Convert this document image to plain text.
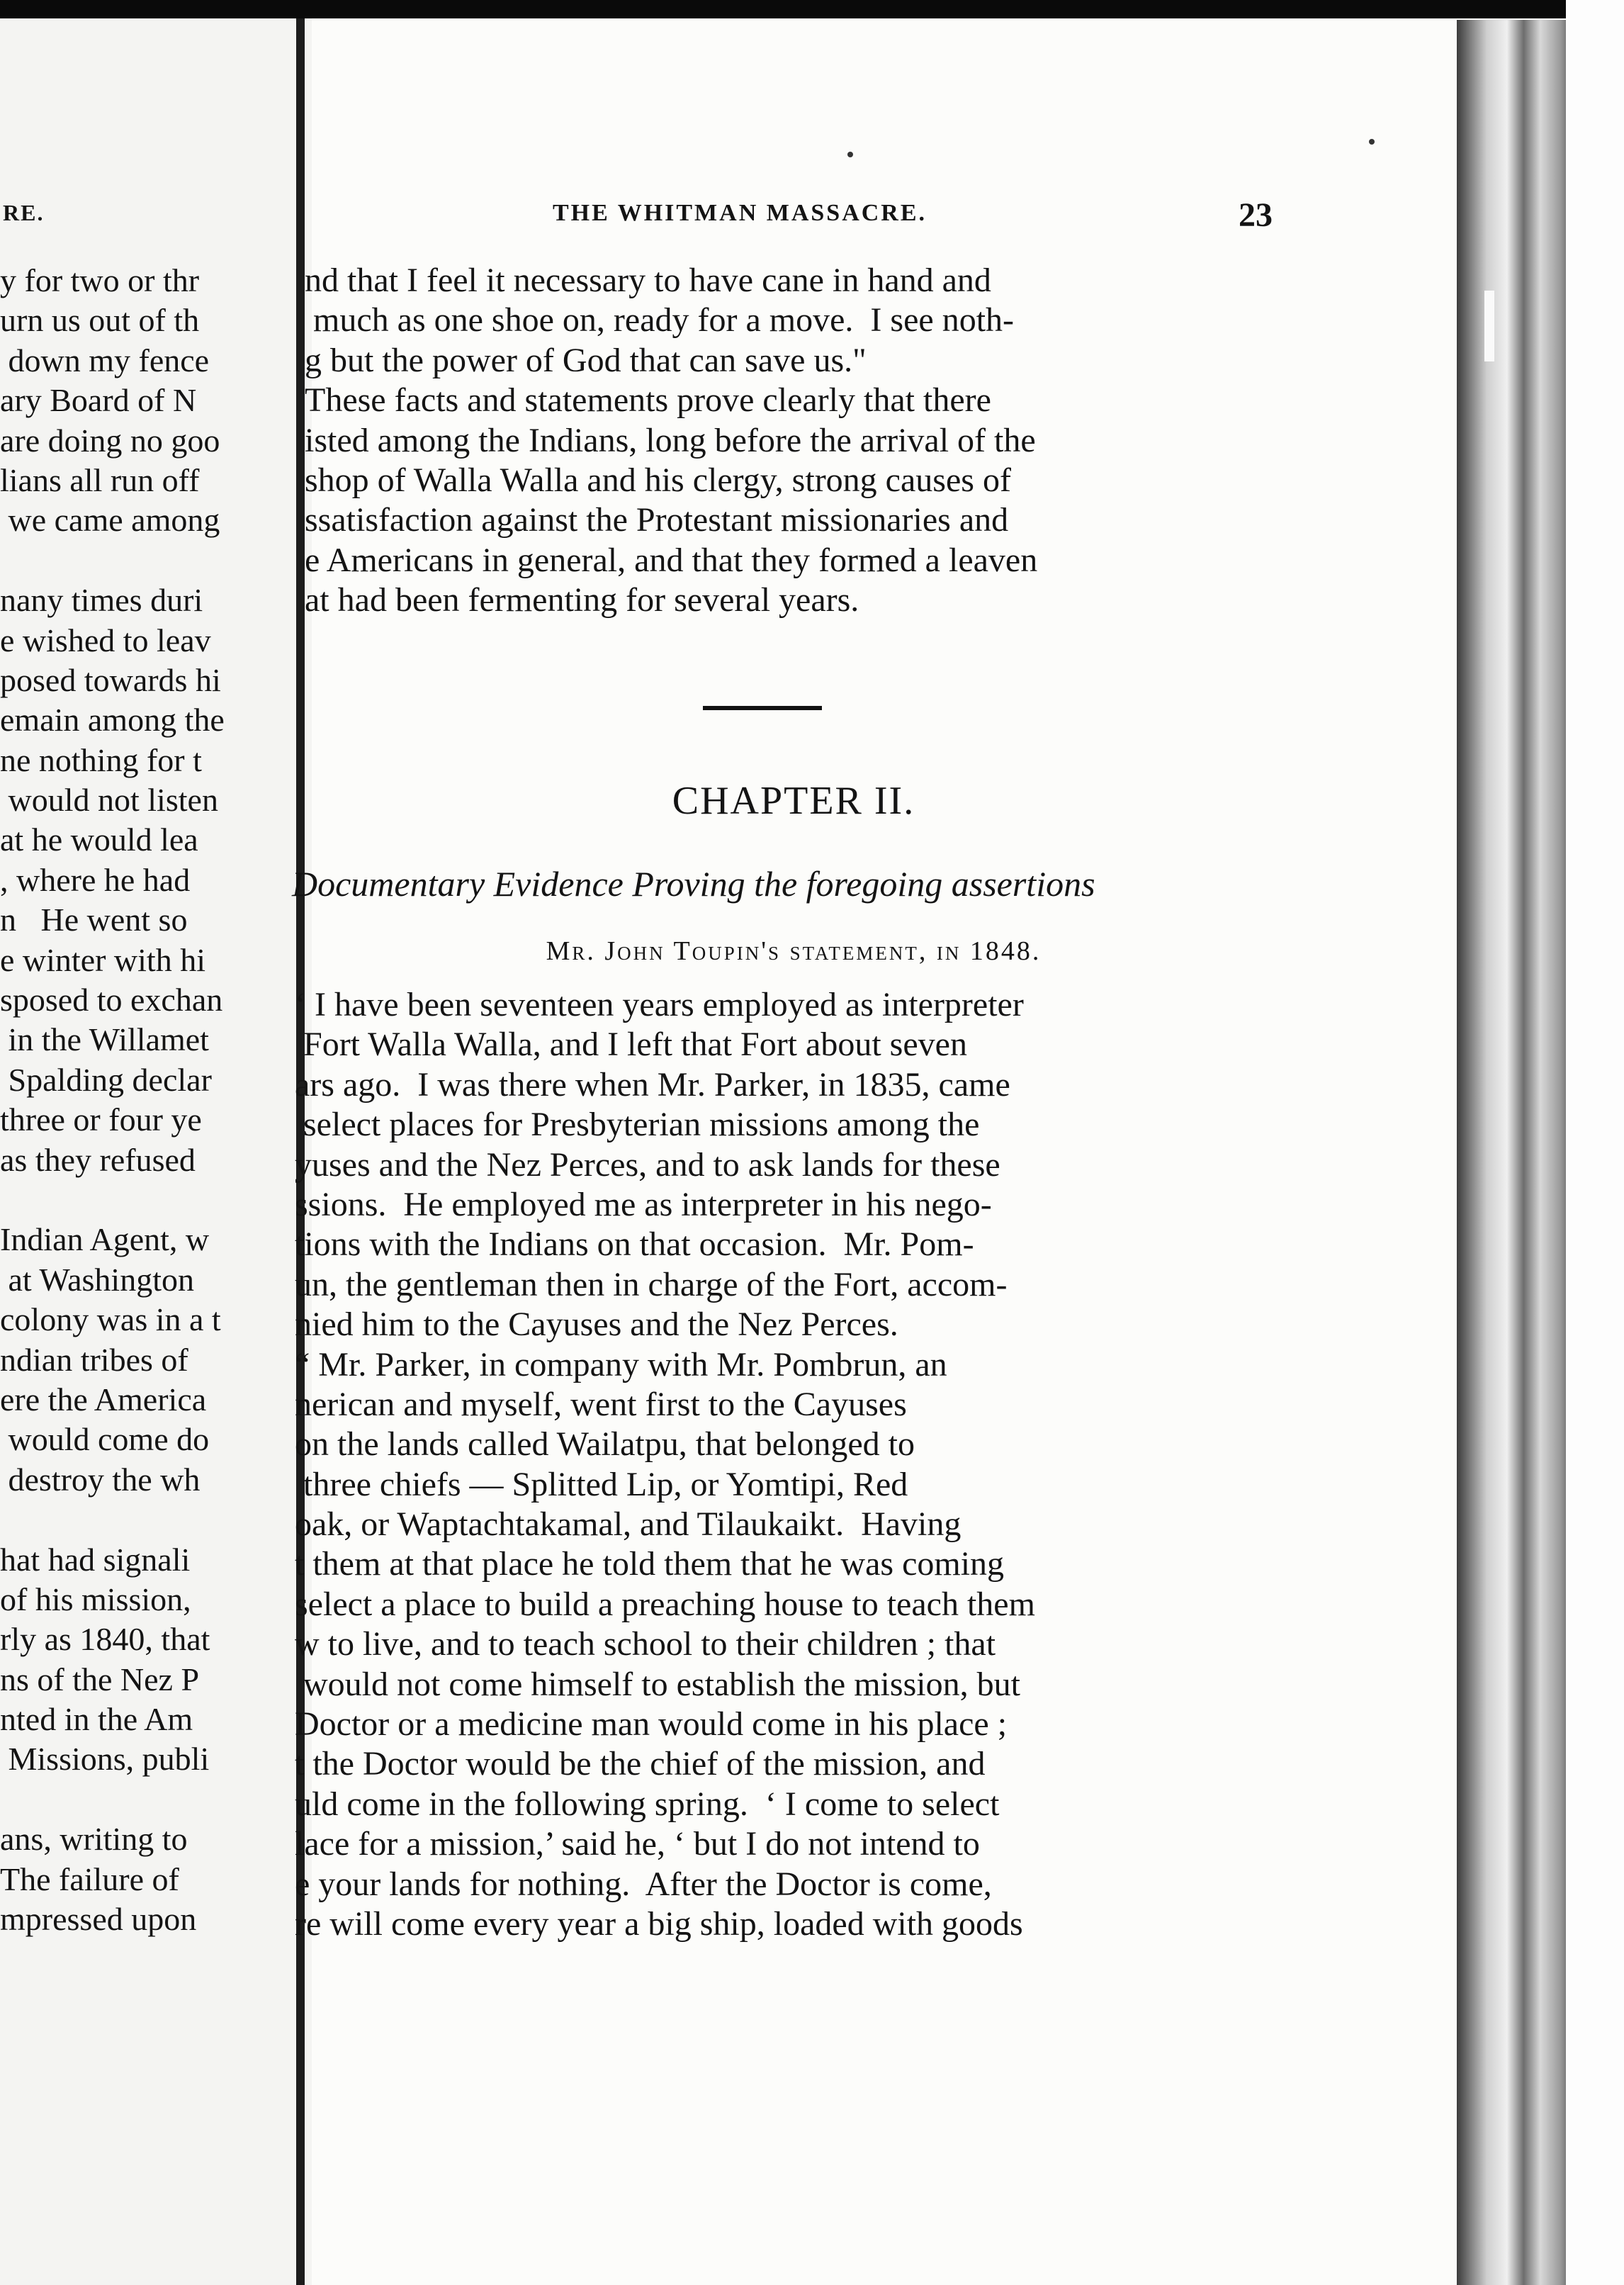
RE.
y for two or thr
urn us out of th
down my fence
ary Board of N
are doing no goo
lians all run off
we came among
nany times duri
e wished to leav
posed towards hi
emain among the
ne nothing for t
would not listen
at he would lea
, where he had
n   He went so
e winter with hi
sposed to exchan
in the Willamet
Spalding declar
three or four ye
as they refused
Indian Agent, w
at Washington
colony was in a t
ndian tribes of
ere the America
would come do
destroy the wh
hat had signali
of his mission,
rly as 1840, that
ns of the Nez P
nted in the Am
Missions, publi
ans, writing to
The failure of
mpressed upon
THE WHITMAN MASSACRE.	23
nd that I feel it necessary to have cane in hand and
much as one shoe on, ready for a move.  I see noth-
g but the power of God that can save us."
These facts and statements prove clearly that there
isted among the Indians, long before the arrival of the
shop of Walla Walla and his clergy, strong causes of
ssatisfaction against the Protestant missionaries and
e Americans in general, and that they formed a leaven
at had been fermenting for several years.
CHAPTER II.
Documentary Evidence Proving the foregoing assertions
Mr. John Toupin's statement, in 1848.
‘ I have been seventeen years employed as interpreter
Fort Walla Walla, and I left that Fort about seven
ars ago.  I was there when Mr. Parker, in 1835, came
select places for Presbyterian missions among the
yuses and the Nez Perces, and to ask lands for these
ssions.  He employed me as interpreter in his nego-
tions with the Indians on that occasion.  Mr. Pom-
un, the gentleman then in charge of the Fort, accom-
nied him to the Cayuses and the Nez Perces.
“ Mr. Parker, in company with Mr. Pombrun, an
nerican and myself, went first to the Cayuses
on the lands called Wailatpu, that belonged to
three chiefs — Splitted Lip, or Yomtipi, Red
oak, or Waptachtakamal, and Tilaukaikt.  Having
t them at that place he told them that he was coming
select a place to build a preaching house to teach them
w to live, and to teach school to their children ; that
would not come himself to establish the mission, but
Doctor or a medicine man would come in his place ;
t the Doctor would be the chief of the mission, and
uld come in the following spring.  ‘ I come to select
lace for a mission,’ said he, ‘ but I do not intend to
e your lands for nothing.  After the Doctor is come,
re will come every year a big ship, loaded with goods
